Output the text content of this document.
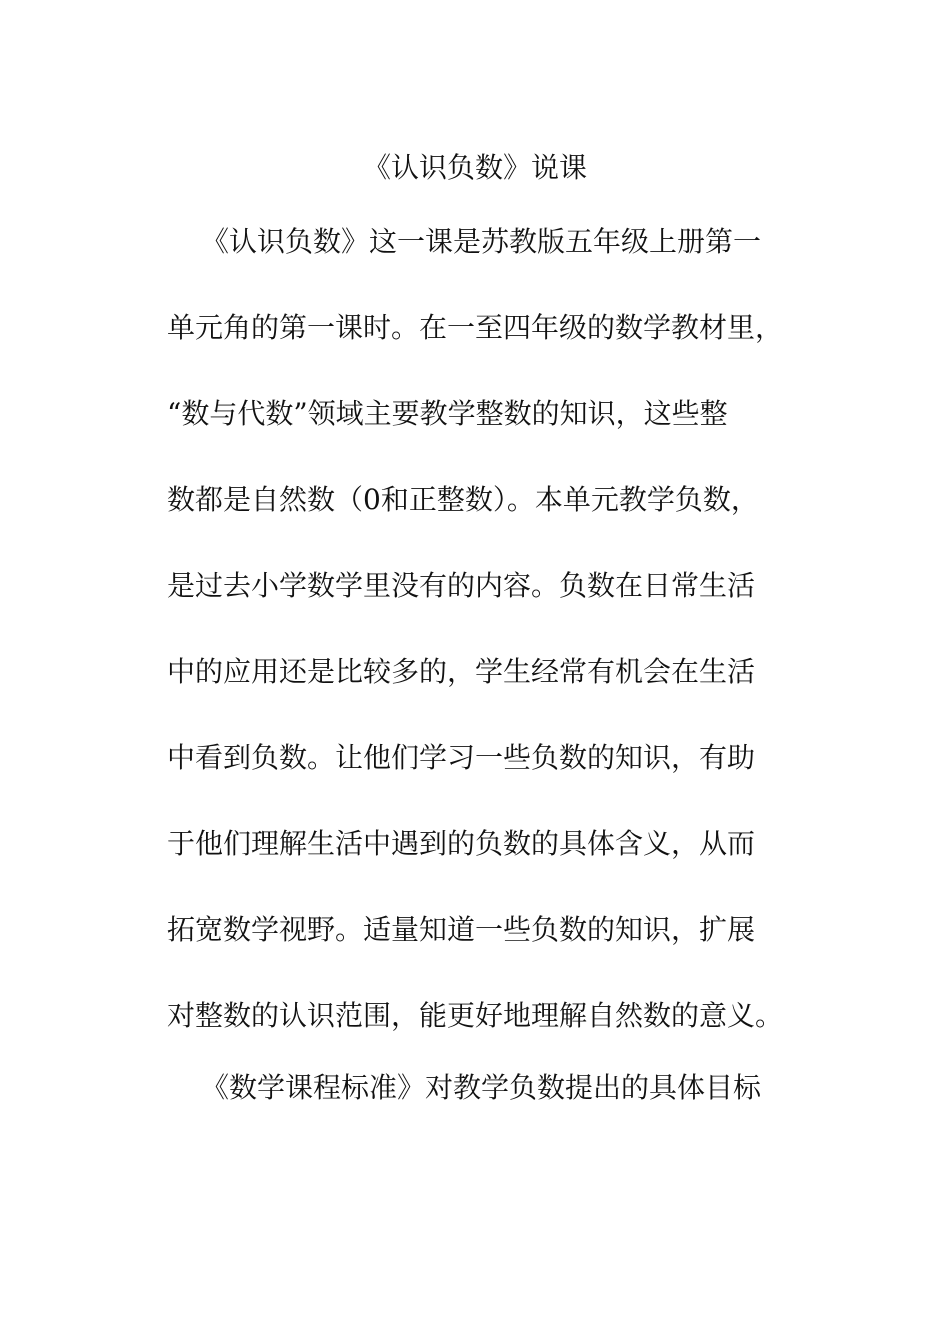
《认识负数》说课
《认识负数》这一课是苏教版五年级上册第一
单元角的第一课时。在一至四年级的数学教材里，
“数与代数”领域主要教学整数的知识，这些整
数都是自然数（0和正整数）。本单元教学负数，
是过去小学数学里没有的内容。负数在日常生活
中的应用还是比较多的，学生经常有机会在生活
中看到负数。让他们学习一些负数的知识，有助
于他们理解生活中遇到的负数的具体含义，从而
拓宽数学视野。适量知道一些负数的知识，扩展
对整数的认识范围，能更好地理解自然数的意义。
《数学课程标准》对教学负数提出的具体目标
